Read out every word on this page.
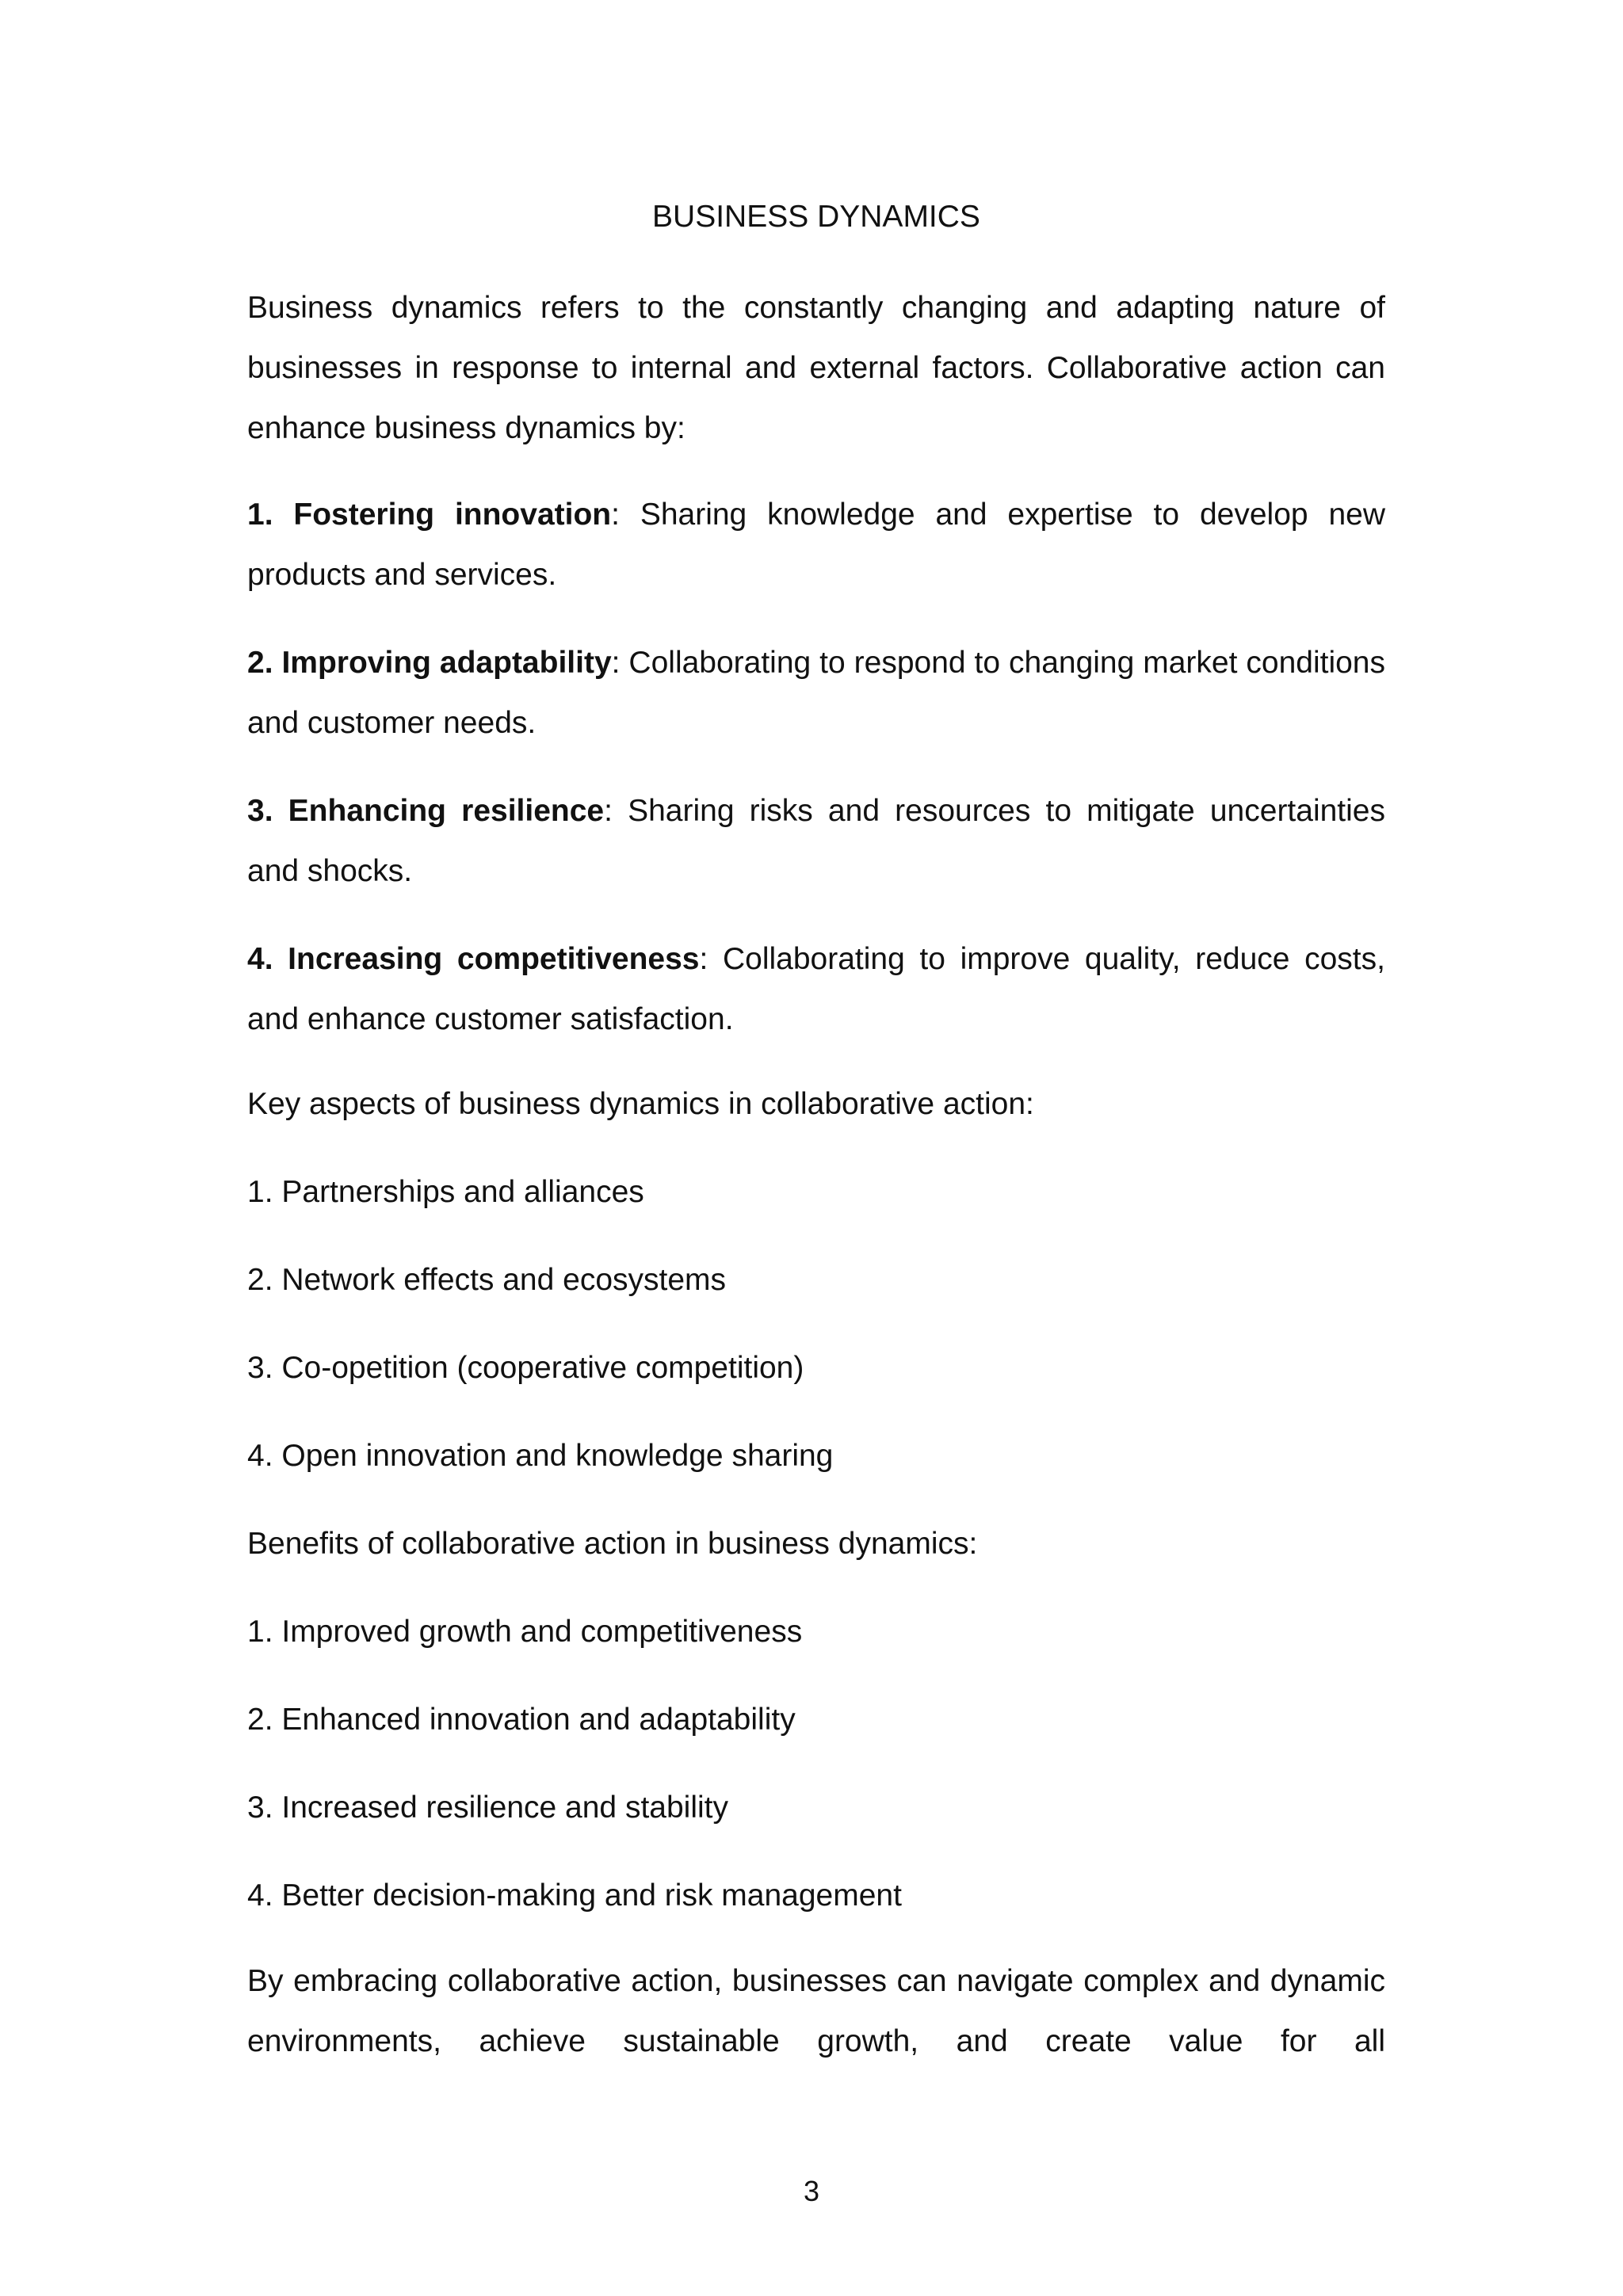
BUSINESS DYNAMICS
Business dynamics refers to the constantly changing and adapting nature of businesses in response to internal and external factors. Collaborative action can enhance business dynamics by:
1. Fostering innovation: Sharing knowledge and expertise to develop new products and services.
2. Improving adaptability: Collaborating to respond to changing market conditions and customer needs.
3. Enhancing resilience: Sharing risks and resources to mitigate uncertainties and shocks.
4. Increasing competitiveness: Collaborating to improve quality, reduce costs, and enhance customer satisfaction.
Key aspects of business dynamics in collaborative action:
1. Partnerships and alliances
2. Network effects and ecosystems
3. Co-opetition (cooperative competition)
4. Open innovation and knowledge sharing
Benefits of collaborative action in business dynamics:
1. Improved growth and competitiveness
2. Enhanced innovation and adaptability
3. Increased resilience and stability
4. Better decision-making and risk management
By embracing collaborative action, businesses can navigate complex and dynamic environments, achieve sustainable growth, and create value for all
3
